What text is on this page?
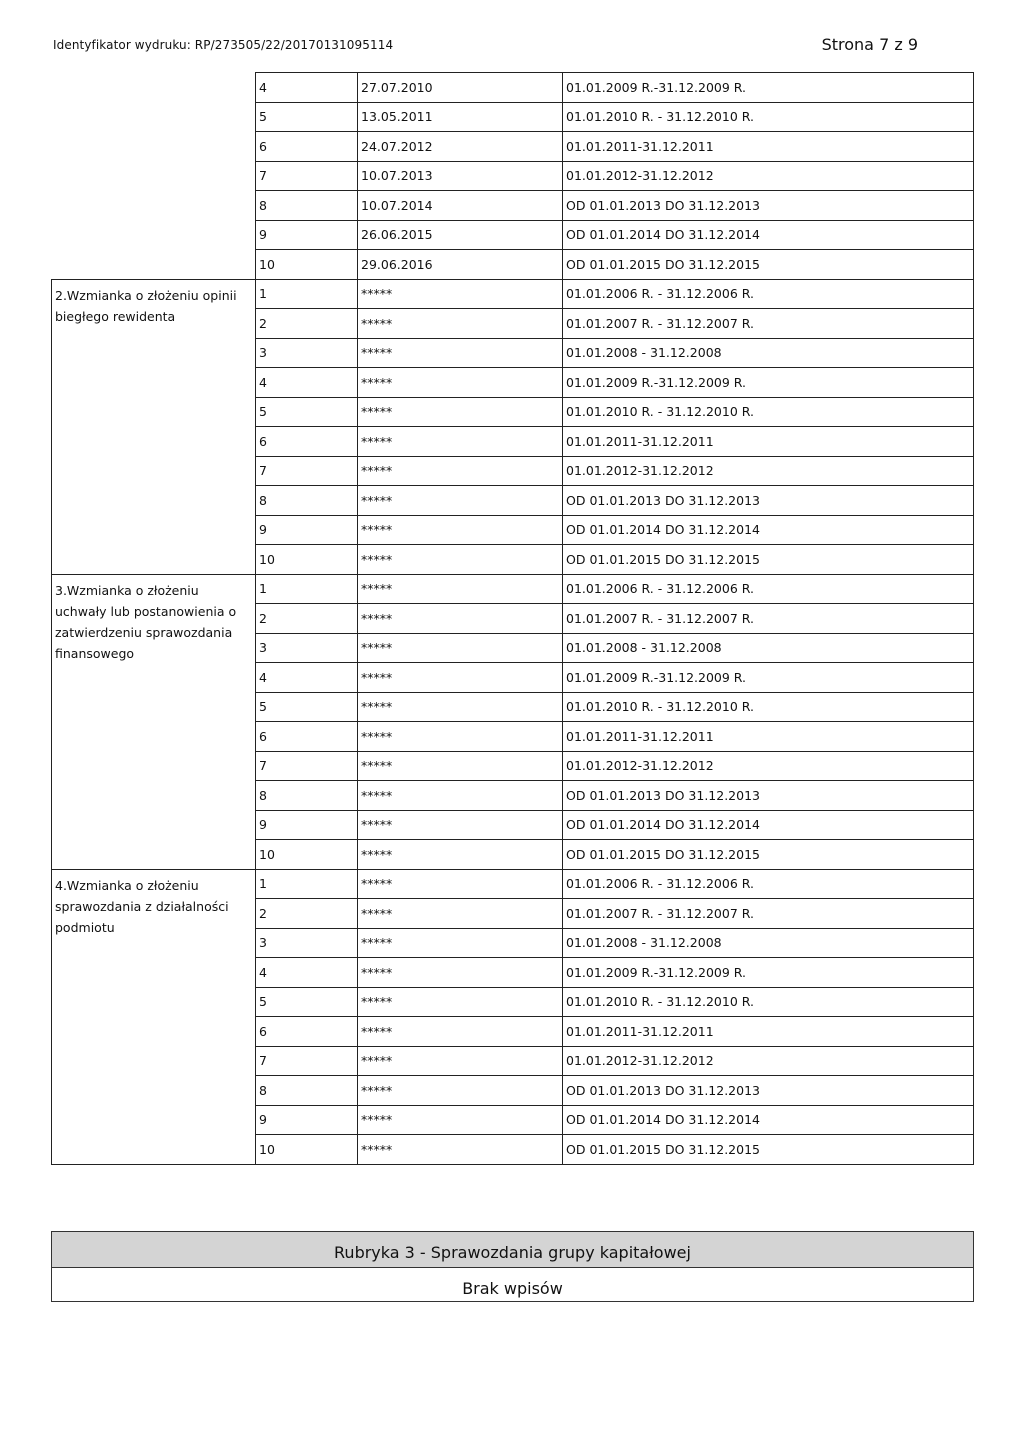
Identyfikator wydruku: RP/273505/22/20170131095114	Strona 7 z 9
	4	27.07.2010	01.01.2009 R.-31.12.2009 R.
	5	13.05.2011	01.01.2010 R. - 31.12.2010 R.
	6	24.07.2012	01.01.2011-31.12.2011
	7	10.07.2013	01.01.2012-31.12.2012
	8	10.07.2014	OD 01.01.2013 DO 31.12.2013
	9	26.06.2015	OD 01.01.2014 DO 31.12.2014
	10	29.06.2016	OD 01.01.2015 DO 31.12.2015
2.Wzmianka o złożeniu opinii biegłego rewidenta	1	*****	01.01.2006 R. - 31.12.2006 R.
	2	*****	01.01.2007 R. - 31.12.2007 R.
	3	*****	01.01.2008 - 31.12.2008
	4	*****	01.01.2009 R.-31.12.2009 R.
	5	*****	01.01.2010 R. - 31.12.2010 R.
	6	*****	01.01.2011-31.12.2011
	7	*****	01.01.2012-31.12.2012
	8	*****	OD 01.01.2013 DO 31.12.2013
	9	*****	OD 01.01.2014 DO 31.12.2014
	10	*****	OD 01.01.2015 DO 31.12.2015
3.Wzmianka o złożeniu uchwały lub postanowienia o zatwierdzeniu sprawozdania finansowego	1	*****	01.01.2006 R. - 31.12.2006 R.
	2	*****	01.01.2007 R. - 31.12.2007 R.
	3	*****	01.01.2008 - 31.12.2008
	4	*****	01.01.2009 R.-31.12.2009 R.
	5	*****	01.01.2010 R. - 31.12.2010 R.
	6	*****	01.01.2011-31.12.2011
	7	*****	01.01.2012-31.12.2012
	8	*****	OD 01.01.2013 DO 31.12.2013
	9	*****	OD 01.01.2014 DO 31.12.2014
	10	*****	OD 01.01.2015 DO 31.12.2015
4.Wzmianka o złożeniu sprawozdania z działalności podmiotu	1	*****	01.01.2006 R. - 31.12.2006 R.
	2	*****	01.01.2007 R. - 31.12.2007 R.
	3	*****	01.01.2008 - 31.12.2008
	4	*****	01.01.2009 R.-31.12.2009 R.
	5	*****	01.01.2010 R. - 31.12.2010 R.
	6	*****	01.01.2011-31.12.2011
	7	*****	01.01.2012-31.12.2012
	8	*****	OD 01.01.2013 DO 31.12.2013
	9	*****	OD 01.01.2014 DO 31.12.2014
	10	*****	OD 01.01.2015 DO 31.12.2015
Rubryka 3 - Sprawozdania grupy kapitałowej
Brak wpisów
